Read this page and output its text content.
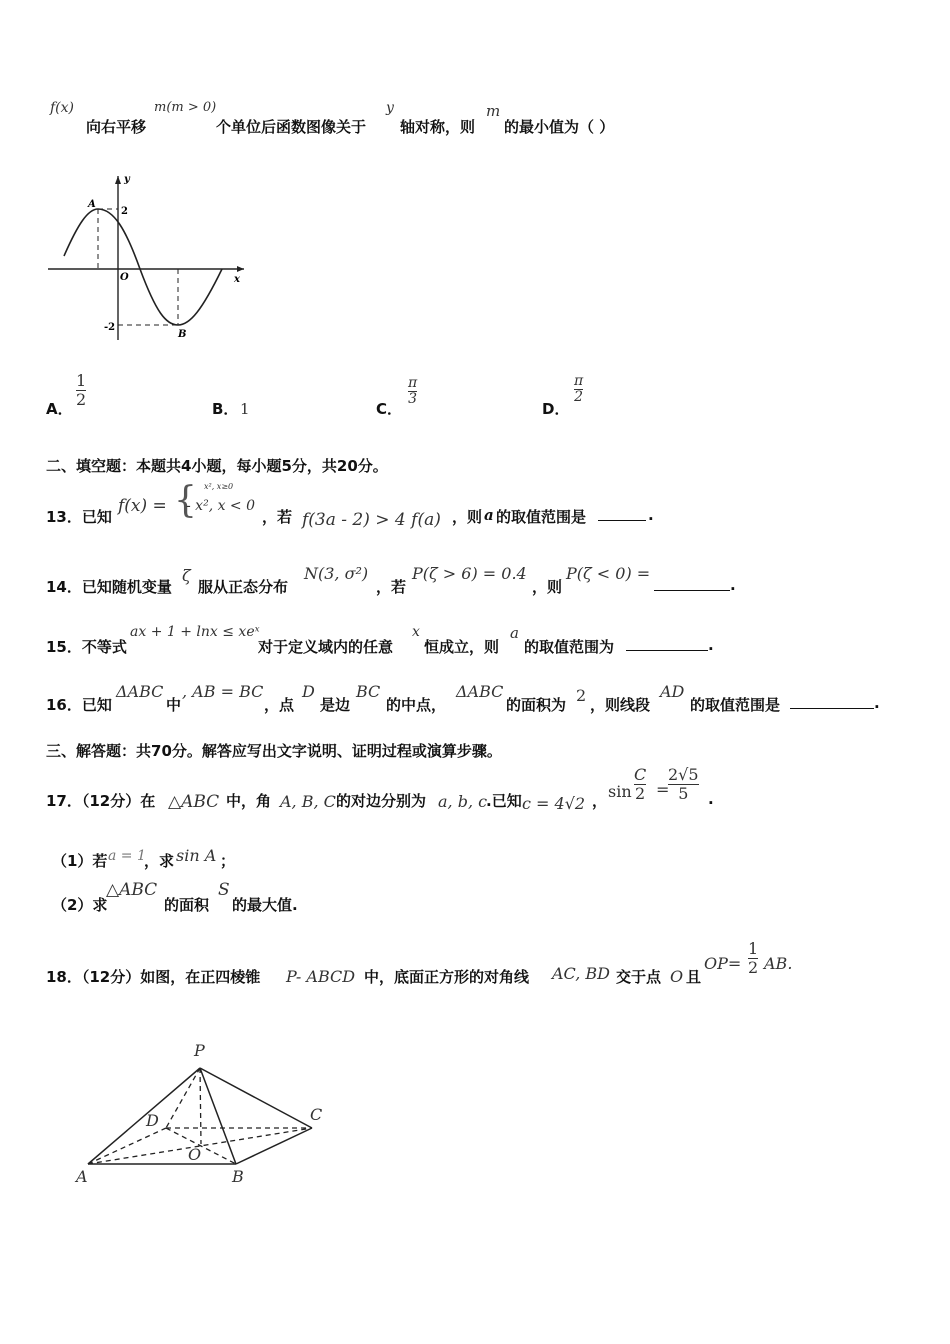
f(x)
向右平移
m(m > 0)
个单位后函数图像关于
y
轴对称，则
m
的最小值为（ ）
y
x
A
B
O
2
-2
A．
$\frac{1}{2}$
B． 1	C．
$\frac{\pi}{3}$
D．
$\frac{\pi}{2}$
二、填空题：本题共4小题，每小题5分，共20分。
13．已知
f(x) = { x², x≥0
- x², x < 0
，若 f(3a - 2) > 4 f(a) ，则 a 的取值范围是	.
14．已知随机变量
ζ
服从正态分布
N(3, σ²)
，若
P(ζ > 6) = 0.4
，则
P(ζ < 0) =
.
15．不等式
ax + 1 + lnx ≤ xeˣ
对于定义域内的任意
x
恒成立，则
a
的取值范围为	.
16．已知
ΔABC
中
, AB = BC
，点
D
是边
BC
的中点，
ΔABC
的面积为 2 ，则线段
AD
的取值范围是	.
三、解答题：共70分。解答应写出文字说明、证明过程或演算步骤。
17．（12分）在 △ABC 中，角 A, B, C 的对边分别为 a, b, c
.已知 c = 4√2 ， $\sin \frac{C}{2}$ =
$\frac{2√5}{5}$ .
（1）若 a = 1
，求 sin A ；
（2）求
△ABC
的面积
S
的最大值.
18．（12分）如图，在正四棱锥 P- ABCD 中，底面正方形的对角线 AC, BD 交于点 O 且
$OP= \frac{1}{2}$ AB.
P
A	B
C
D
O
